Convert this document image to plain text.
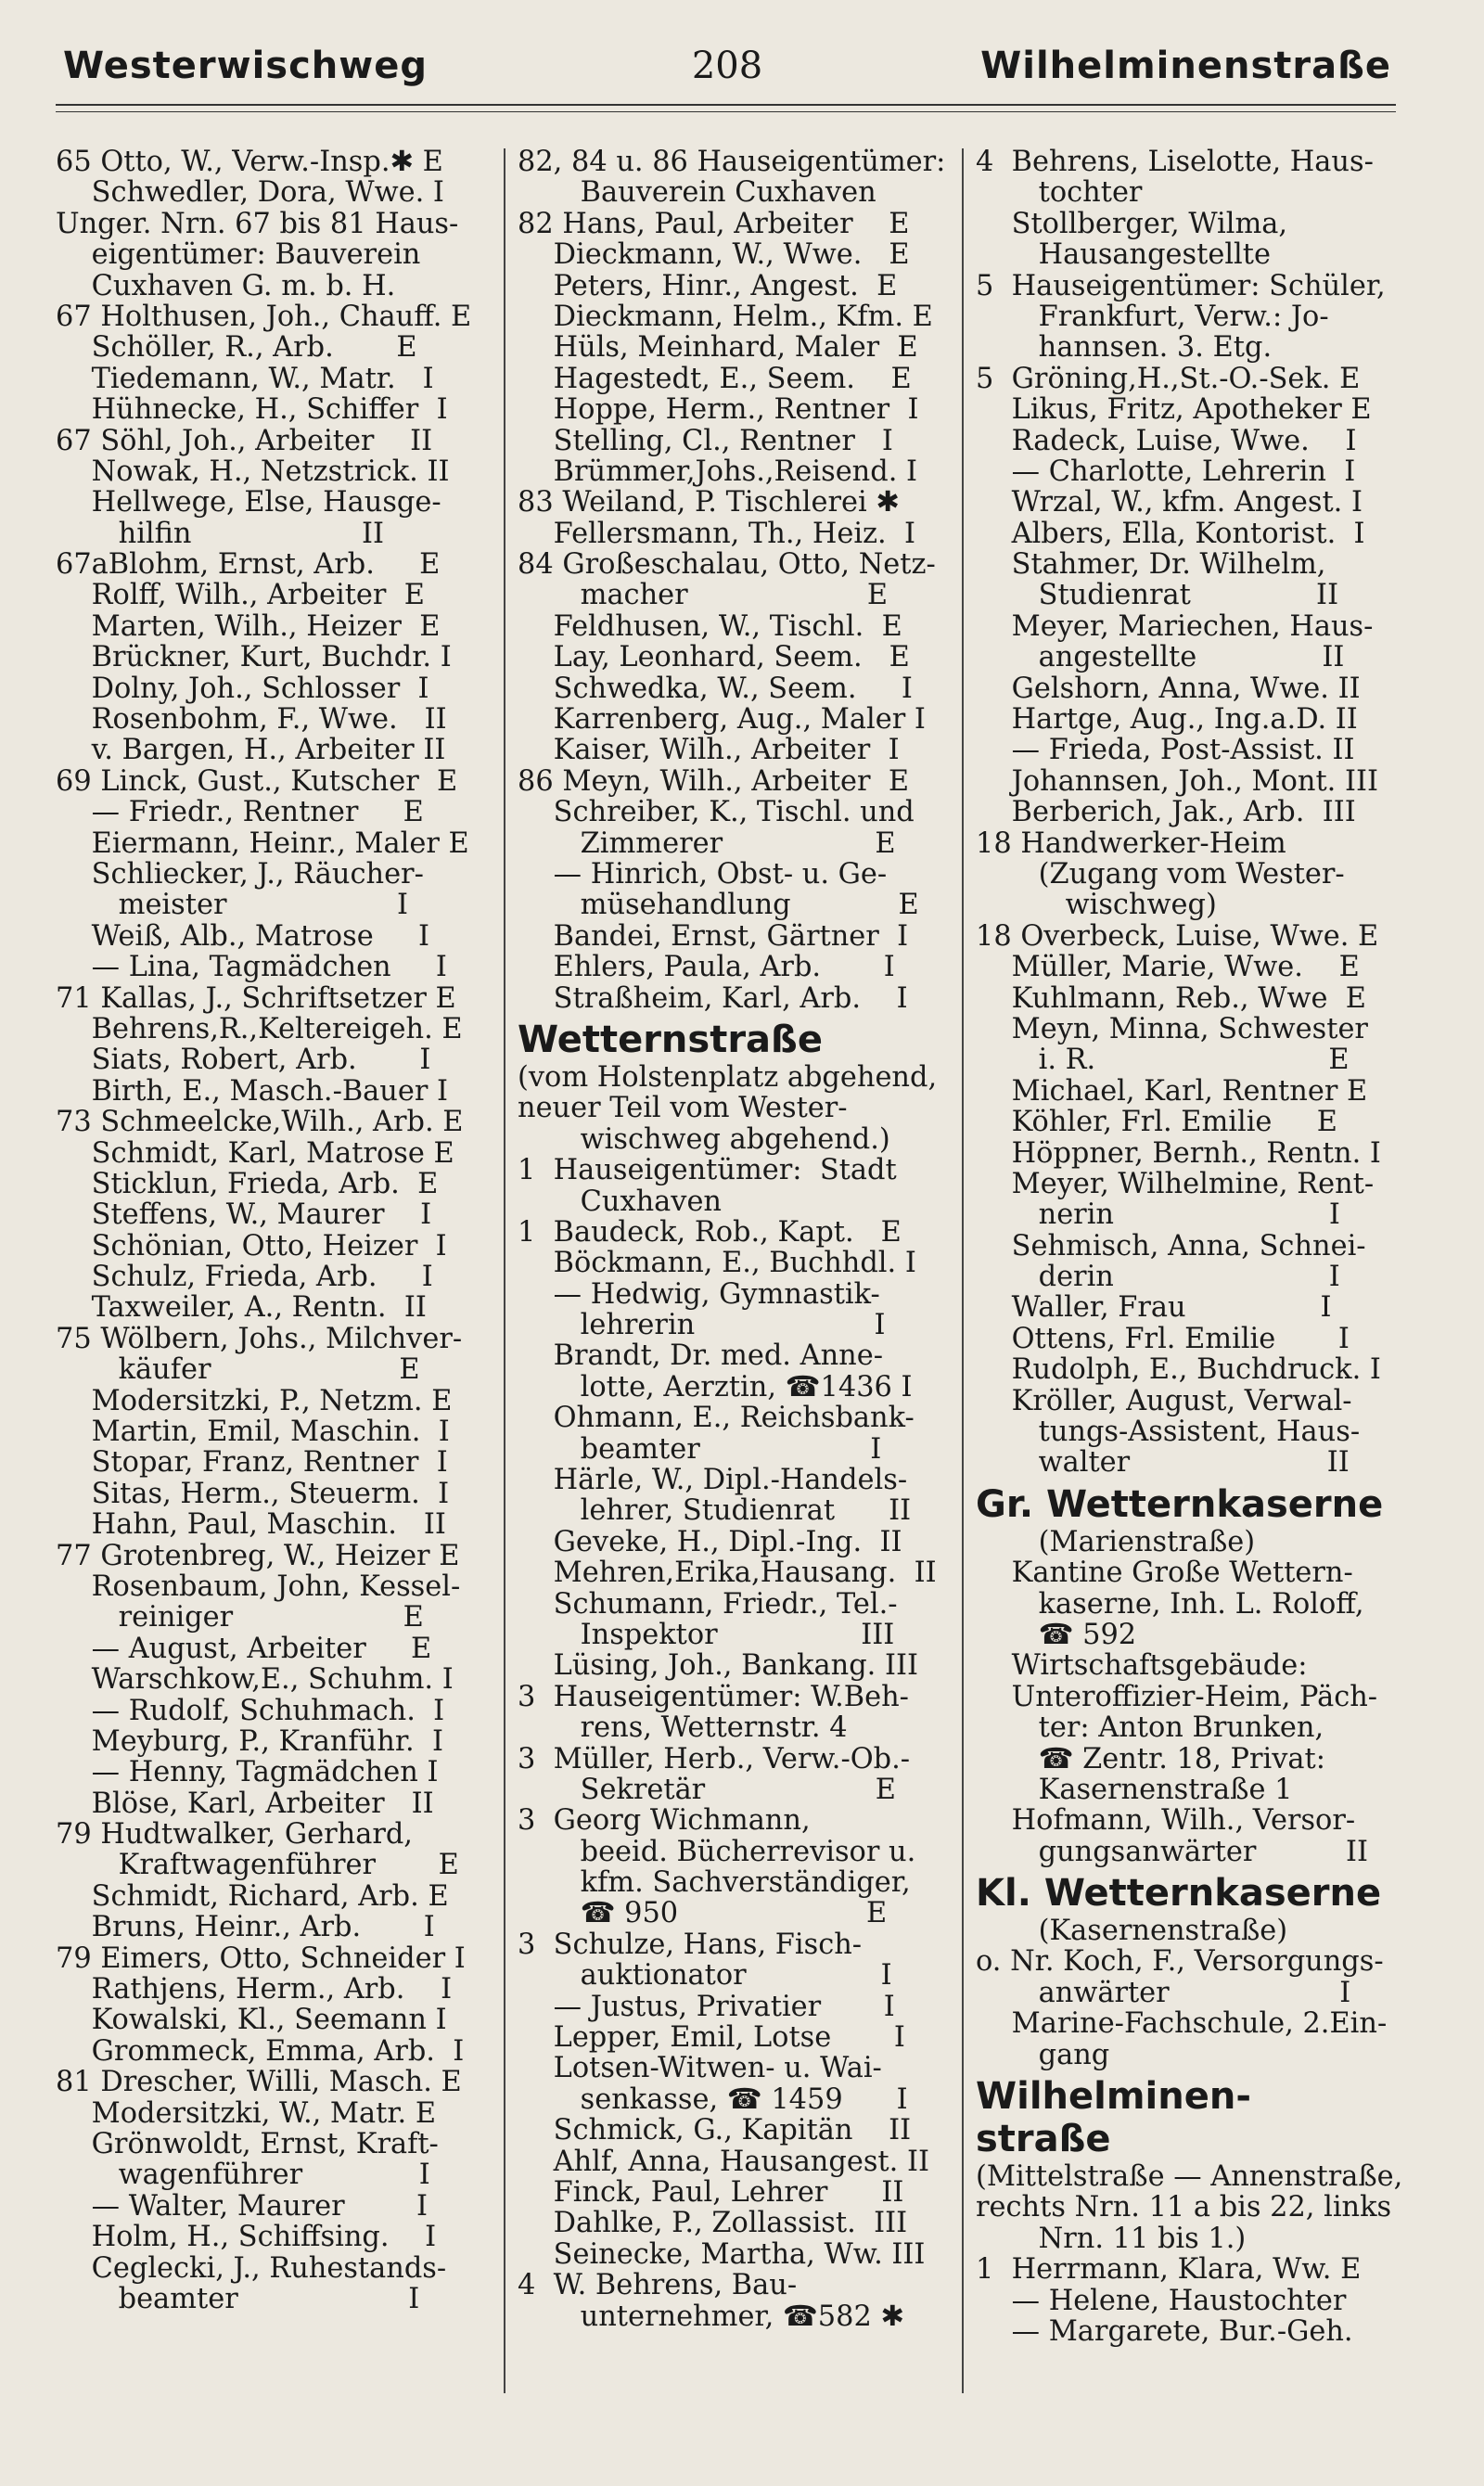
Westerwischweg	208	Wilhelminenstraße
65 Otto, W., Verw.-Insp.✱ E
Schwedler, Dora, Wwe. I
Unger. Nrn. 67 bis 81 Haus-
eigentümer: Bauverein
Cuxhaven G. m. b. H.
67 Holthusen, Joh., Chauff. E
Schöller, R., Arb.       E
Tiedemann, W., Matr.   I
Hühnecke, H., Schiffer  I
67 Söhl, Joh., Arbeiter    II
Nowak, H., Netzstrick. II
Hellwege, Else, Hausge-
hilfin                   II
67aBlohm, Ernst, Arb.     E
Rolff, Wilh., Arbeiter  E
Marten, Wilh., Heizer  E
Brückner, Kurt, Buchdr. I
Dolny, Joh., Schlosser  I
Rosenbohm, F., Wwe.   II
v. Bargen, H., Arbeiter II
69 Linck, Gust., Kutscher  E
— Friedr., Rentner     E
Eiermann, Heinr., Maler E
Schliecker, J., Räucher-
meister                   I
Weiß, Alb., Matrose     I
— Lina, Tagmädchen     I
71 Kallas, J., Schriftsetzer E
Behrens,R.,Keltereigeh. E
Siats, Robert, Arb.       I
Birth, E., Masch.-Bauer I
73 Schmeelcke,Wilh., Arb. E
Schmidt, Karl, Matrose E
Sticklun, Frieda, Arb.  E
Steffens, W., Maurer    I
Schönian, Otto, Heizer  I
Schulz, Frieda, Arb.     I
Taxweiler, A., Rentn.  II
75 Wölbern, Johs., Milchver-
käufer                     E
Modersitzki, P., Netzm. E
Martin, Emil, Maschin.  I
Stopar, Franz, Rentner  I
Sitas, Herm., Steuerm.  I
Hahn, Paul, Maschin.   II
77 Grotenbreg, W., Heizer E
Rosenbaum, John, Kessel-
reiniger                   E
— August, Arbeiter     E
Warschkow,E., Schuhm. I
— Rudolf, Schuhmach.  I
Meyburg, P., Kranführ.  I
— Henny, Tagmädchen I
Blöse, Karl, Arbeiter   II
79 Hudtwalker, Gerhard,
Kraftwagenführer       E
Schmidt, Richard, Arb. E
Bruns, Heinr., Arb.       I
79 Eimers, Otto, Schneider I
Rathjens, Herm., Arb.    I
Kowalski, Kl., Seemann I
Grommeck, Emma, Arb.  I
81 Drescher, Willi, Masch. E
Modersitzki, W., Matr. E
Grönwoldt, Ernst, Kraft-
wagenführer             I
— Walter, Maurer        I
Holm, H., Schiffsing.    I
Ceglecki, J., Ruhestands-
beamter                   I
82, 84 u. 86 Hauseigentümer:
Bauverein Cuxhaven
82 Hans, Paul, Arbeiter    E
Dieckmann, W., Wwe.   E
Peters, Hinr., Angest.  E
Dieckmann, Helm., Kfm. E
Hüls, Meinhard, Maler  E
Hagestedt, E., Seem.    E
Hoppe, Herm., Rentner  I
Stelling, Cl., Rentner   I
Brümmer,Johs.,Reisend. I
83 Weiland, P. Tischlerei ✱
Fellersmann, Th., Heiz.  I
84 Großeschalau, Otto, Netz-
macher                    E
Feldhusen, W., Tischl.  E
Lay, Leonhard, Seem.   E
Schwedka, W., Seem.     I
Karrenberg, Aug., Maler I
Kaiser, Wilh., Arbeiter  I
86 Meyn, Wilh., Arbeiter  E
Schreiber, K., Tischl. und
Zimmerer                 E
— Hinrich, Obst- u. Ge-
müsehandlung            E
Bandei, Ernst, Gärtner  I
Ehlers, Paula, Arb.       I
Straßheim, Karl, Arb.    I
Wetternstraße
(vom Holstenplatz abgehend,
neuer Teil vom Wester-
wischweg abgehend.)
1  Hauseigentümer:  Stadt
Cuxhaven
1  Baudeck, Rob., Kapt.   E
Böckmann, E., Buchhdl. I
— Hedwig, Gymnastik-
lehrerin                    I
Brandt, Dr. med. Anne-
lotte, Aerztin, ☎1436 I
Ohmann, E., Reichsbank-
beamter                   I
Härle, W., Dipl.-Handels-
lehrer, Studienrat      II
Geveke, H., Dipl.-Ing.  II
Mehren,Erika,Hausang.  II
Schumann, Friedr., Tel.-
Inspektor                III
Lüsing, Joh., Bankang. III
3  Hauseigentümer: W.Beh-
rens, Wetternstr. 4
3  Müller, Herb., Verw.-Ob.-
Sekretär                   E
3  Georg Wichmann,
beeid. Bücherrevisor u.
kfm. Sachverständiger,
☎ 950                     E
3  Schulze, Hans, Fisch-
auktionator               I
— Justus, Privatier       I
Lepper, Emil, Lotse       I
Lotsen-Witwen- u. Wai-
senkasse, ☎ 1459      I
Schmick, G., Kapitän    II
Ahlf, Anna, Hausangest. II
Finck, Paul, Lehrer      II
Dahlke, P., Zollassist.  III
Seinecke, Martha, Ww. III
4  W. Behrens, Bau-
unternehmer, ☎582 ✱
4  Behrens, Liselotte, Haus-
tochter
Stollberger, Wilma,
Hausangestellte
5  Hauseigentümer: Schüler,
Frankfurt, Verw.: Jo-
hannsen. 3. Etg.
5  Gröning,H.,St.-O.-Sek. E
Likus, Fritz, Apotheker E
Radeck, Luise, Wwe.    I
— Charlotte, Lehrerin  I
Wrzal, W., kfm. Angest. I
Albers, Ella, Kontorist.  I
Stahmer, Dr. Wilhelm,
Studienrat              II
Meyer, Mariechen, Haus-
angestellte              II
Gelshorn, Anna, Wwe. II
Hartge, Aug., Ing.a.D. II
— Frieda, Post-Assist. II
Johannsen, Joh., Mont. III
Berberich, Jak., Arb.  III
18 Handwerker-Heim
(Zugang vom Wester-
wischweg)
18 Overbeck, Luise, Wwe. E
Müller, Marie, Wwe.    E
Kuhlmann, Reb., Wwe  E
Meyn, Minna, Schwester
i. R.                          E
Michael, Karl, Rentner E
Köhler, Frl. Emilie     E
Höppner, Bernh., Rentn. I
Meyer, Wilhelmine, Rent-
nerin                        I
Sehmisch, Anna, Schnei-
derin                        I
Waller, Frau               I
Ottens, Frl. Emilie       I
Rudolph, E., Buchdruck. I
Kröller, August, Verwal-
tungs-Assistent, Haus-
walter                      II
Gr. Wetternkaserne
(Marienstraße)
Kantine Große Wettern-
kaserne, Inh. L. Roloff,
☎ 592
Wirtschaftsgebäude:
Unteroffizier-Heim, Päch-
ter: Anton Brunken,
☎ Zentr. 18, Privat:
Kasernenstraße 1
Hofmann, Wilh., Versor-
gungsanwärter          II
Kl. Wetternkaserne
(Kasernenstraße)
o. Nr. Koch, F., Versorgungs-
anwärter                   I
Marine-Fachschule, 2.Ein-
gang
Wilhelminen-
straße
(Mittelstraße — Annenstraße,
rechts Nrn. 11 a bis 22, links
Nrn. 11 bis 1.)
1  Herrmann, Klara, Ww. E
— Helene, Haustochter
— Margarete, Bur.-Geh.
